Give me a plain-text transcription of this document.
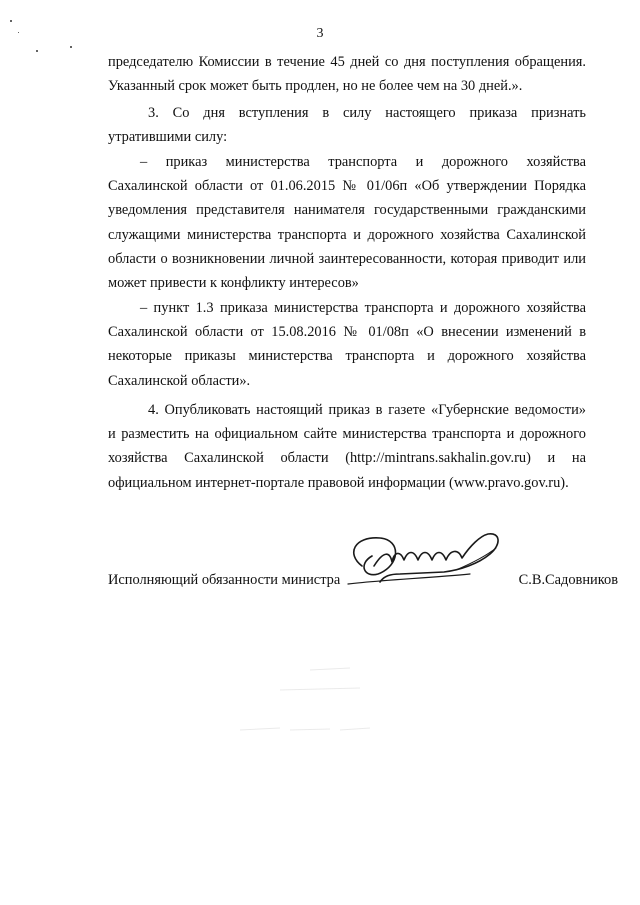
3
председателю Комиссии в течение 45 дней со дня поступления обращения.
Указанный срок может быть продлен, но не более чем на 30 дней.».
3. Со дня вступления в силу настоящего приказа признать
утратившими силу:
– приказ министерства транспорта и дорожного хозяйства
Сахалинской области от 01.06.2015 № 01/06п «Об утверждении Порядка
уведомления представителя нанимателя государственными гражданскими
служащими министерства транспорта и дорожного хозяйства Сахалинской
области о возникновении личной заинтересованности, которая приводит или
может привести к конфликту интересов»
– пункт 1.3 приказа министерства транспорта и дорожного хозяйства
Сахалинской области от 15.08.2016 № 01/08п «О внесении изменений в
некоторые приказы министерства транспорта и дорожного хозяйства
Сахалинской области».
4. Опубликовать настоящий приказ в газете «Губернские ведомости»
и разместить на официальном сайте министерства транспорта и дорожного
хозяйства Сахалинской области (http://mintrans.sakhalin.gov.ru) и на
официальном интернет-портале правовой информации (www.pravo.gov.ru).
Исполняющий обязанности министра	С.В.Садовников
